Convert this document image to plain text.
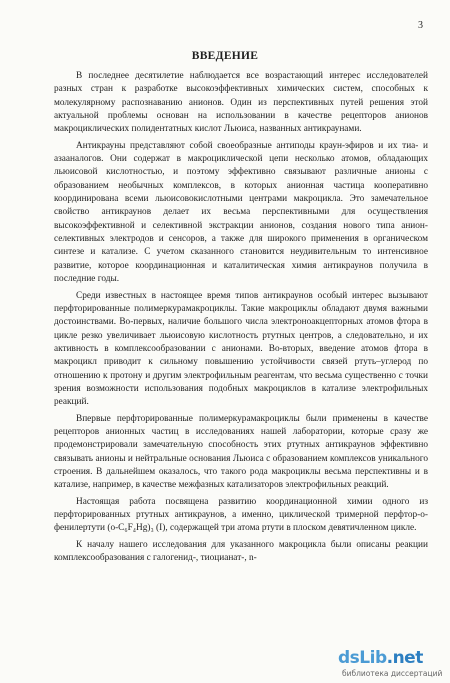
3
ВВЕДЕНИЕ

В последнее десятилетие наблюдается все возрастающий интерес исследователей разных стран к разработке высокоэффективных химических систем, способных к молекулярному распознаванию анионов. Один из перспективных путей решения этой актуальной проблемы основан на использовании в качестве рецепторов анионов макроциклических полидентатных кислот Льюиса, названных антикраунами.

Антикрауны представляют собой своеобразные антиподы краун-эфиров и их тиа- и азааналогов. Они содержат в макроциклической цепи несколько атомов, обладающих льюисовой кислотностью, и поэтому эффективно связывают различные анионы с образованием необычных комплексов, в которых анионная частица кооперативно координирована всеми льюисовокислотными центрами макроцикла. Это замечательное свойство антикраунов делает их весьма перспективными для осуществления высокоэффективной и селективной экстракции анионов, создания нового типа анион-селективных электродов и сенсоров, а также для широкого применения в органическом синтезе и катализе. С учетом сказанного становится неудивительным то интенсивное развитие, которое координационная и каталитическая химия антикраунов получила в последние годы.

Среди известных в настоящее время типов антикраунов особый интерес вызывают перфторированные полимеркурамакроциклы. Такие макроциклы обладают двумя важными достоинствами. Во-первых, наличие большого числа электроноакцепторных атомов фтора в цикле резко увеличивает льюисовую кислотность ртутных центров, а следовательно, и их активность в комплексообразовании с анионами. Во-вторых, введение атомов фтора в макроцикл приводит к сильному повышению устойчивости связей ртуть–углерод по отношению к протону и другим электрофильным реагентам, что весьма существенно с точки зрения возможности использования подобных макроциклов в катализе электрофильных реакций.

Впервые перфторированные полимеркурамакроциклы были применены в качестве рецепторов анионных частиц в исследованиях нашей лаборатории, которые сразу же продемонстрировали замечательную способность этих ртутных антикраунов эффективно связывать анионы и нейтральные основания Льюиса с образованием комплексов уникального строения. В дальнейшем оказалось, что такого рода макроциклы весьма перспективны и в катализе, например, в качестве межфазных катализаторов электрофильных реакций.

Настоящая работа посвящена развитию координационной химии одного из перфторированных ртутных антикраунов, а именно, циклической тримерной перфтор-о-фенилертути (о-C₆F₄Hg)₃ (I), содержащей три атома ртути в плоском девятичленном цикле.

К началу нашего исследования для указанного макроцикла были описаны реакции комплексообразования с галогенид-, тиоцианат-, n-

dsLib.net
библиотека диссертаций
